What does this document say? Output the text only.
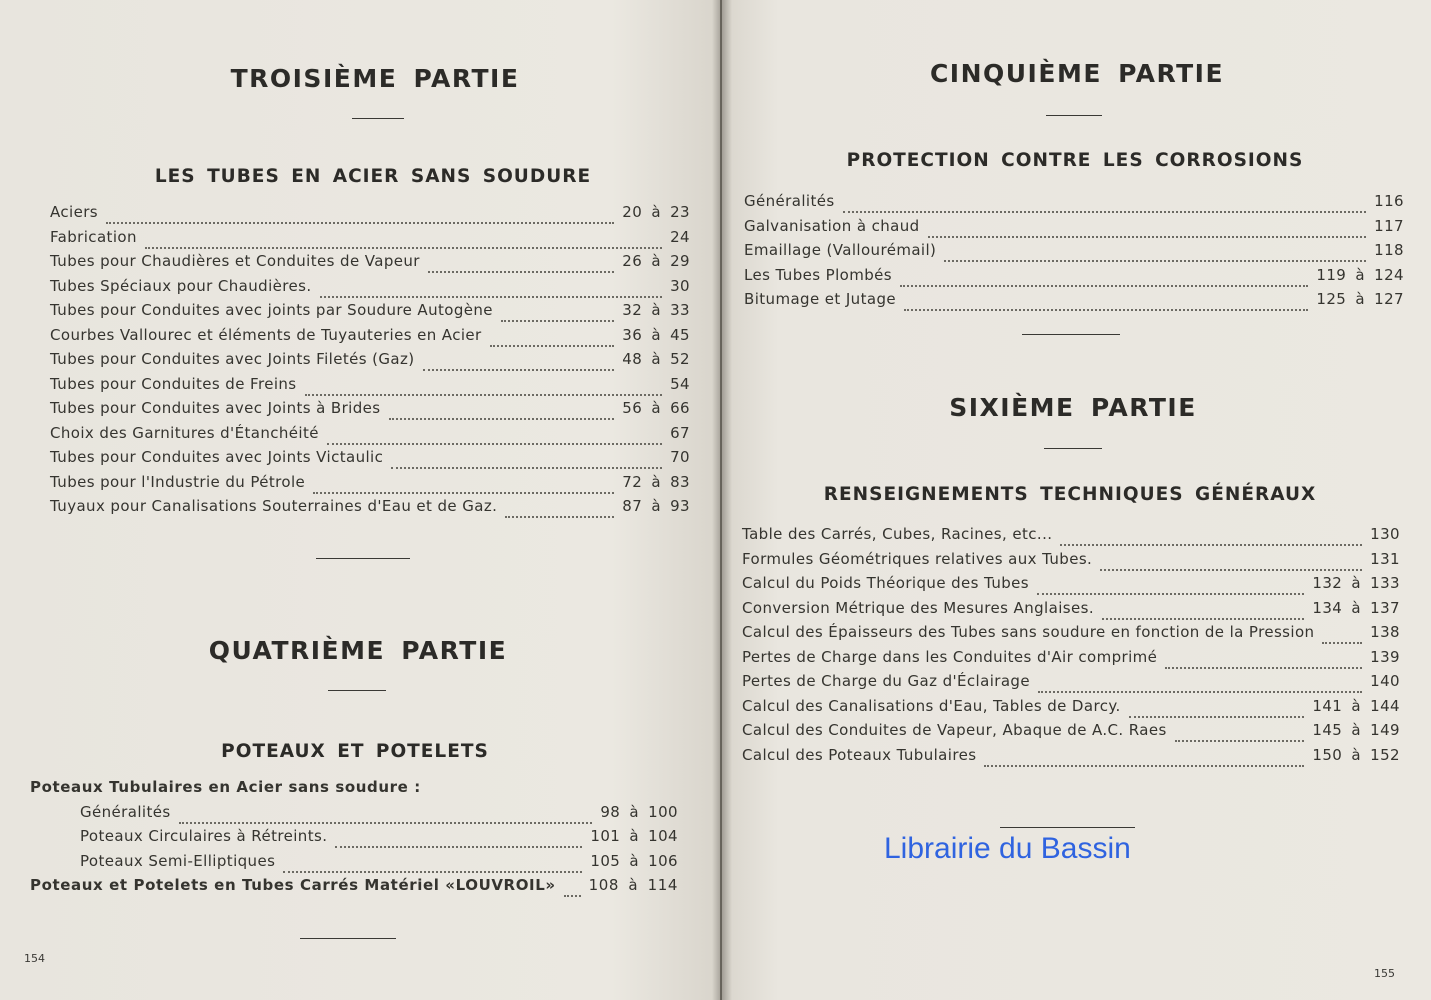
TROISIÈME PARTIE
LES TUBES EN ACIER SANS SOUDURE
Aciers	20 à 23
Fabrication	24
Tubes pour Chaudières et Conduites de Vapeur	26 à 29
Tubes Spéciaux pour Chaudières.	30
Tubes pour Conduites avec joints par Soudure Autogène	32 à 33
Courbes Vallourec et éléments de Tuyauteries en Acier	36 à 45
Tubes pour Conduites avec Joints Filetés (Gaz)	48 à 52
Tubes pour Conduites de Freins	54
Tubes pour Conduites avec Joints à Brides	56 à 66
Choix des Garnitures d'Étanchéité	67
Tubes pour Conduites avec Joints Victaulic	70
Tubes pour l'Industrie du Pétrole	72 à 83
Tuyaux pour Canalisations Souterraines d'Eau et de Gaz.	87 à 93
QUATRIÈME PARTIE
POTEAUX ET POTELETS
Poteaux Tubulaires en Acier sans soudure :
Généralités	98 à 100
Poteaux Circulaires à Rétreints.	101 à 104
Poteaux Semi-Elliptiques	105 à 106
Poteaux et Potelets en Tubes Carrés Matériel «LOUVROIL» 108 à 114
154
CINQUIÈME PARTIE
PROTECTION CONTRE LES CORROSIONS
Généralités	116
Galvanisation à chaud	117
Emaillage (Vallourémail)	118
Les Tubes Plombés	119 à 124
Bitumage et Jutage	125 à 127
SIXIÈME PARTIE
RENSEIGNEMENTS TECHNIQUES GÉNÉRAUX
Table des Carrés, Cubes, Racines, etc...	130
Formules Géométriques relatives aux Tubes.	131
Calcul du Poids Théorique des Tubes	132 à 133
Conversion Métrique des Mesures Anglaises.	134 à 137
Calcul des Épaisseurs des Tubes sans soudure en fonction de la Pression	138
Pertes de Charge dans les Conduites d'Air comprimé	139
Pertes de Charge du Gaz d'Éclairage	140
Calcul des Canalisations d'Eau, Tables de Darcy.	141 à 144
Calcul des Conduites de Vapeur, Abaque de A.C. Raes	145 à 149
Calcul des Poteaux Tubulaires	150 à 152
Librairie du Bassin
155
